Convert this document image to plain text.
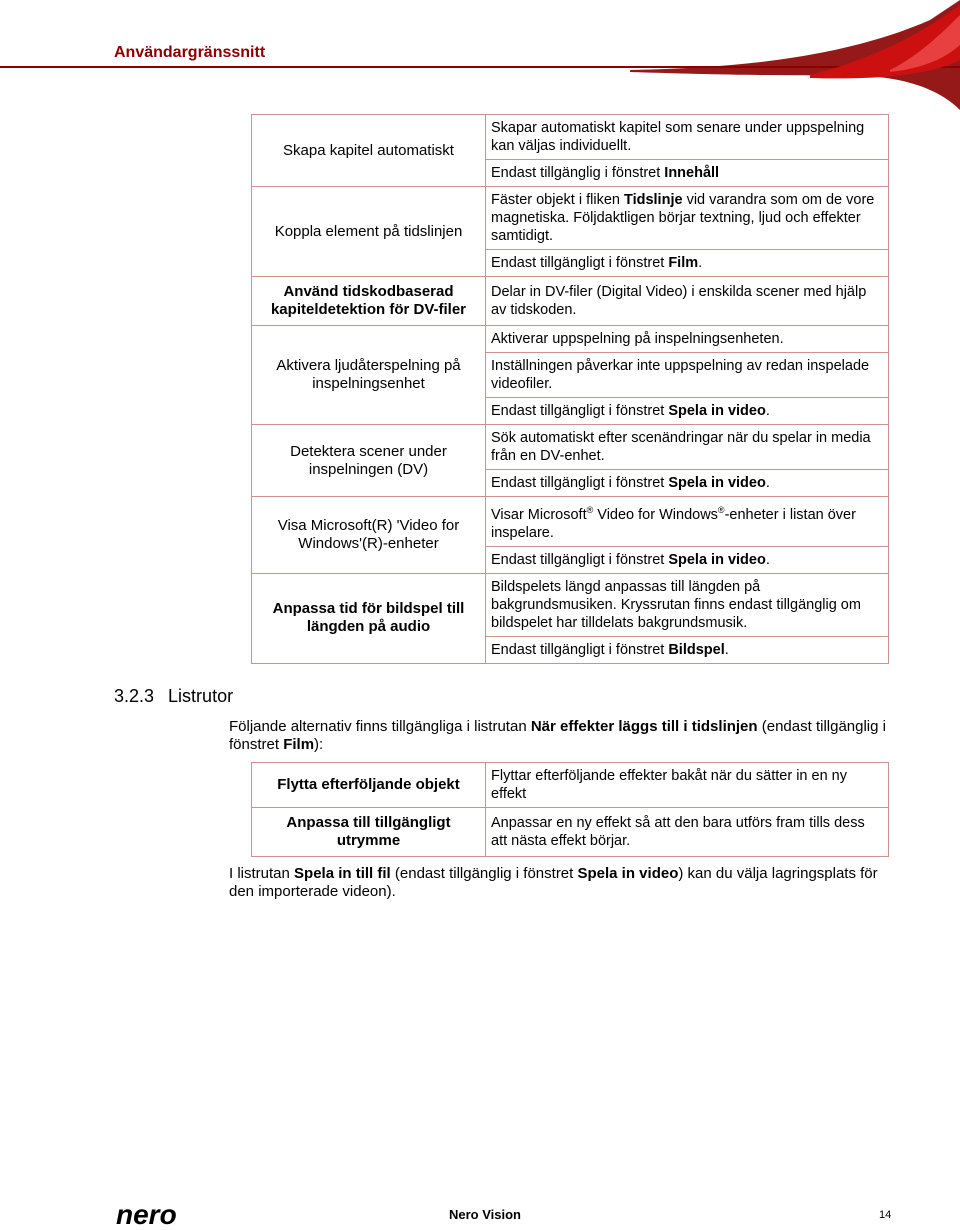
Användargränssnitt
Skapa kapitel automatiskt	Skapar automatiskt kapitel som senare under uppspelning kan väljas individuellt.
	Endast tillgänglig i fönstret Innehåll
Koppla element på tidslinjen	Fäster objekt i fliken Tidslinje vid varandra som om de vore magnetiska. Följdaktligen börjar textning, ljud och effekter samtidigt.
	Endast tillgängligt i fönstret Film.
Använd tidskodbaserad kapiteldetektion för DV-filer	Delar in DV-filer (Digital Video) i enskilda scener med hjälp av tidskoden.
Aktivera ljudåterspelning på inspelningsenhet	Aktiverar uppspelning på inspelningsenheten.
	Inställningen påverkar inte uppspelning av redan inspelade videofiler.
	Endast tillgängligt i fönstret Spela in video.
Detektera scener under inspelningen (DV)	Sök automatiskt efter scenändringar när du spelar in media från en DV-enhet.
	Endast tillgängligt i fönstret Spela in video.
Visa Microsoft(R) 'Video for Windows'(R)-enheter	Visar Microsoft® Video for Windows®-enheter i listan över inspelare.
	Endast tillgängligt i fönstret Spela in video.
Anpassa tid för bildspel till längden på audio	Bildspelets längd anpassas till längden på bakgrundsmusiken. Kryssrutan finns endast tillgänglig om bildspelet har tilldelats bakgrundsmusik.
	Endast tillgängligt i fönstret Bildspel.
3.2.3 Listrutor
Följande alternativ finns tillgängliga i listrutan När effekter läggs till i tidslinjen (endast tillgänglig i fönstret Film):
Flytta efterföljande objekt	Flyttar efterföljande effekter bakåt när du sätter in en ny effekt
Anpassa till tillgängligt utrymme	Anpassar en ny effekt så att den bara utförs fram tills dess att nästa effekt börjar.
I listrutan Spela in till fil (endast tillgänglig i fönstret Spela in video) kan du välja lagringsplats för den importerade videon).
nero	Nero Vision	14
